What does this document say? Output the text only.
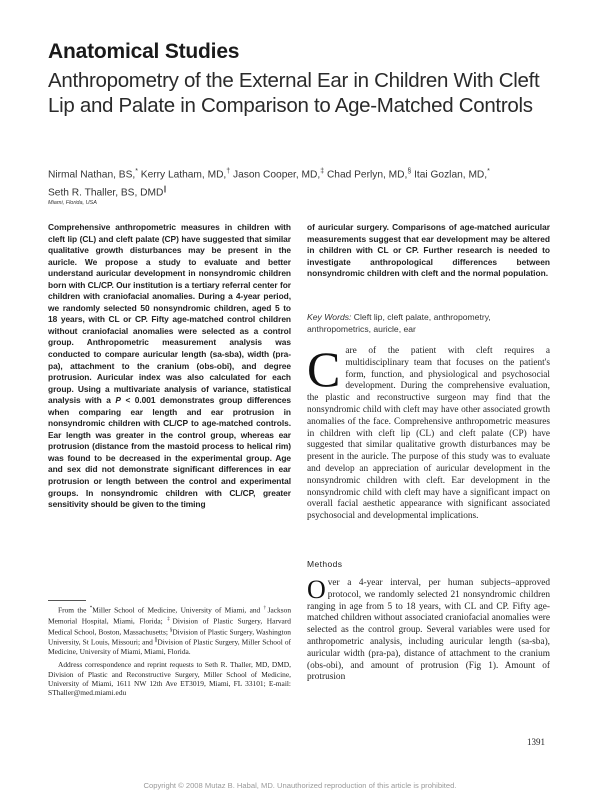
Anatomical Studies
Anthropometry of the External Ear in Children With Cleft Lip and Palate in Comparison to Age-Matched Controls

Nirmal Nathan, BS,* Kerry Latham, MD,† Jason Cooper, MD,‡ Chad Perlyn, MD,§ Itai Gozlan, MD,*
Seth R. Thaller, BS, DMD∥

Miami, Florida, USA

Comprehensive anthropometric measures in children with cleft lip (CL) and cleft palate (CP) have suggested that similar qualitative growth disturbances may be present in the auricle. We propose a study to evaluate and better understand auricular development in nonsyndromic children born with CL/CP. Our institution is a tertiary referral center for children with craniofacial anomalies. During a 4-year period, we randomly selected 50 nonsyndromic children, aged 5 to 18 years, with CL or CP. Fifty age-matched control children without craniofacial anomalies were selected as a control group. Anthropometric measurement analysis was conducted to compare auricular length (sa-sba), width (pra-pa), attachment to the cranium (obs-obi), and degree protrusion. Auricular index was also calculated for each group. Using a multivariate analysis of variance, statistical analysis with a P < 0.001 demonstrates group differences when comparing ear length and ear protrusion in nonsyndromic children with CL/CP to age-matched controls. Ear length was greater in the control group, whereas ear protrusion (distance from the mastoid process to helical rim) was found to be decreased in the experimental group. Age and sex did not demonstrate significant differences in ear protrusion or length between the control and experimental groups. In nonsyndromic children with CL/CP, greater sensitivity should be given to the timing

of auricular surgery. Comparisons of age-matched auricular measurements suggest that ear development may be altered in children with CL or CP. Further research is needed to investigate anthropological differences between nonsyndromic children with cleft and the normal population.

Key Words: Cleft lip, cleft palate, anthropometry, anthropometrics, auricle, ear

Care of the patient with cleft requires a multidisciplinary team that focuses on the patient's form, function, and physiological and psychosocial development. During the comprehensive evaluation, the plastic and reconstructive surgeon may find that the nonsyndromic child with cleft may have other associated growth anomalies of the face. Comprehensive anthropometric measures in children with cleft lip (CL) and cleft palate (CP) have suggested that similar qualitative growth disturbances may be present in the auricle. The purpose of this study was to evaluate and develop an appreciation of auricular development in the nonsyndromic children with cleft. Ear development in the nonsyndromic child with cleft may have a significant impact on overall facial aesthetic appearance with significant associated psychosocial and developmental implications.

Methods

Over a 4-year interval, per human subjects–approved protocol, we randomly selected 21 nonsyndromic children ranging in age from 5 to 18 years, with CL and CP. Fifty age-matched children without associated craniofacial anomalies were selected as the control group. Several variables were used for anthropometric analysis, including auricular length (sa-sba), auricular width (pra-pa), distance of attachment to the cranium (obs-obi), and amount of protrusion (Fig 1). Amount of protrusion

From the *Miller School of Medicine, University of Miami, and †Jackson Memorial Hospital, Miami, Florida; ‡Division of Plastic Surgery, Harvard Medical School, Boston, Massachusetts; §Division of Plastic Surgery, Washington University, St Louis, Missouri; and ∥Division of Plastic Surgery, Miller School of Medicine, University of Miami, Miami, Florida.

Address correspondence and reprint requests to Seth R. Thaller, MD, DMD, Division of Plastic and Reconstructive Surgery, Miller School of Medicine, University of Miami, 1611 NW 12th Ave ET3019, Miami, FL 33101; E-mail: SThaller@med.miami.edu

1391
Copyright © 2008 Mutaz B. Habal, MD. Unauthorized reproduction of this article is prohibited.
